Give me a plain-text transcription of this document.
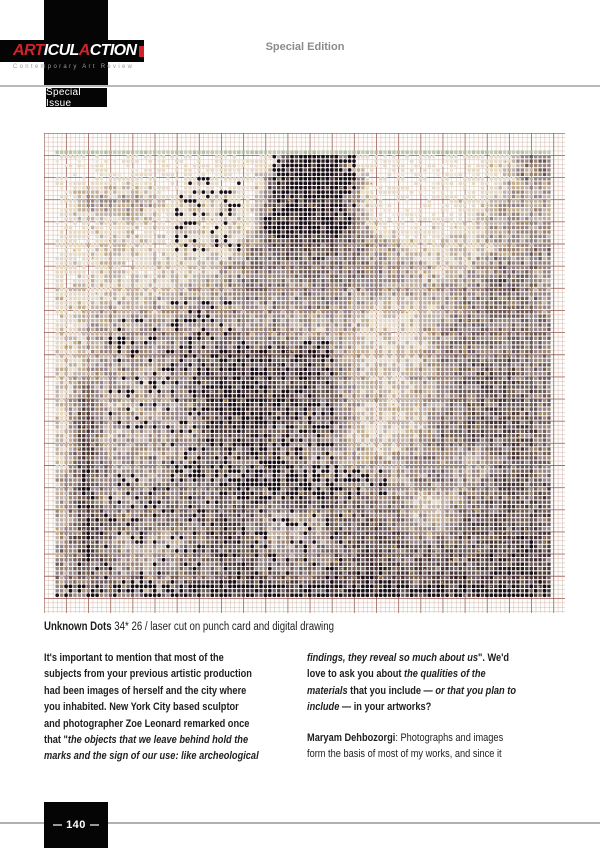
ART ICUL A CTION
Contemporary Art Review
Special Edition
Special Issue
Unknown Dots 34* 26 / laser cut on punch card and digital drawing
It's important to mention that most of the
subjects from your previous artistic production
had been images of herself and the city where
you inhabited. New York City based sculptor
and photographer Zoe Leonard remarked once
that "the objects that we leave behind hold the
marks and the sign of our use: like archeological
findings, they reveal so much about us". We'd
love to ask you about the qualities of the
materials that you include — or that you plan to
include — in your artworks?
Maryam Dehbozorgi: Photographs and images
form the basis of most of my works, and since it
140
